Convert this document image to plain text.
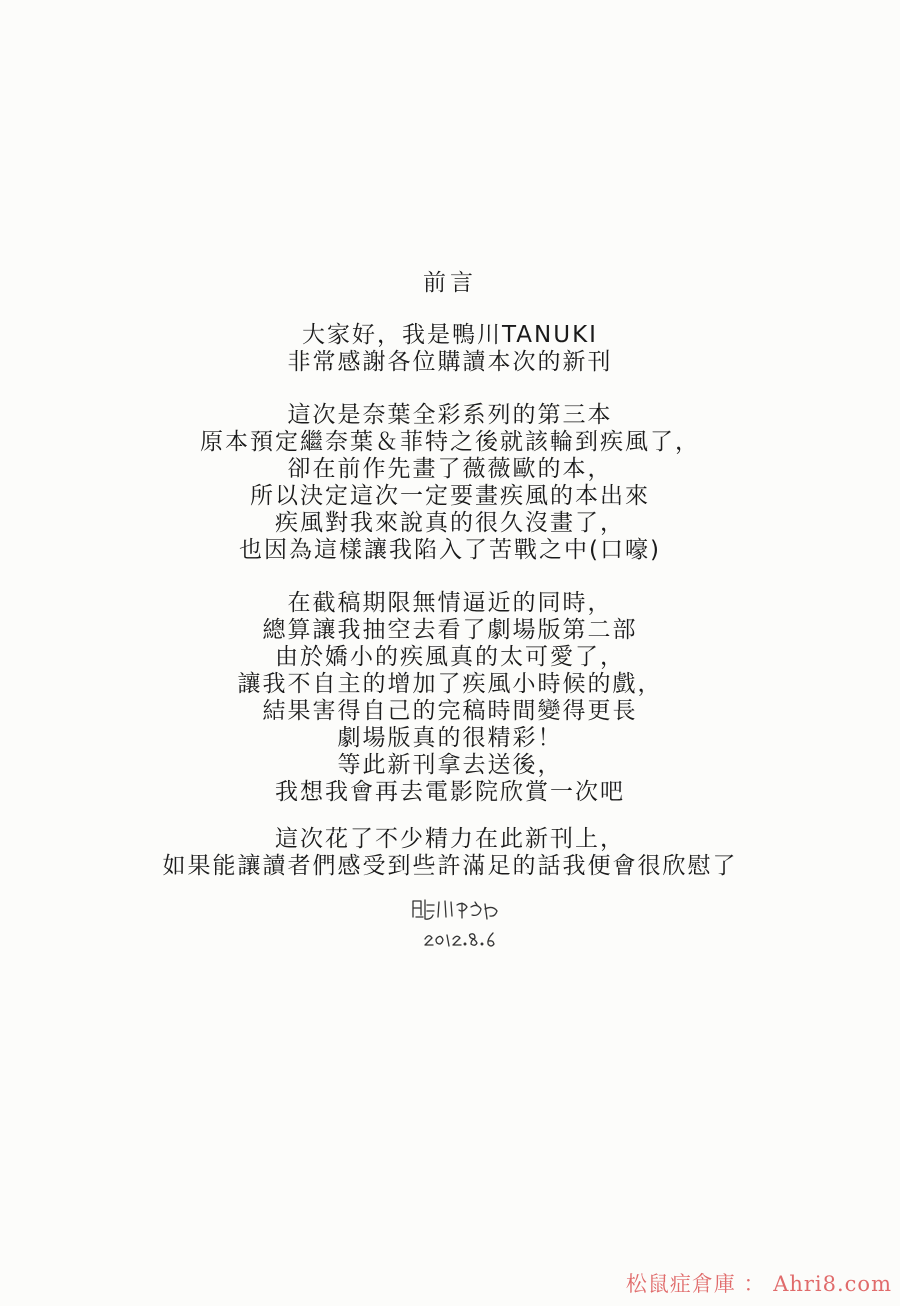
前言
大家好，我是鴨川TANUKI
非常感謝各位購讀本次的新刊
這次是奈葉全彩系列的第三本
原本預定繼奈葉＆菲特之後就該輪到疾風了，
卻在前作先畫了薇薇歐的本，
所以決定這次一定要畫疾風的本出來
疾風對我來說真的很久沒畫了，
也因為這樣讓我陷入了苦戰之中(口嚎)
在截稿期限無情逼近的同時，
總算讓我抽空去看了劇場版第二部
由於嬌小的疾風真的太可愛了，
讓我不自主的增加了疾風小時候的戲，
結果害得自己的完稿時間變得更長
劇場版真的很精彩！
等此新刊拿去送後，
我想我會再去電影院欣賞一次吧
這次花了不少精力在此新刊上，
如果能讓讀者們感受到些許滿足的話我便會很欣慰了
松鼠症倉庫 ： Ahri8.com
